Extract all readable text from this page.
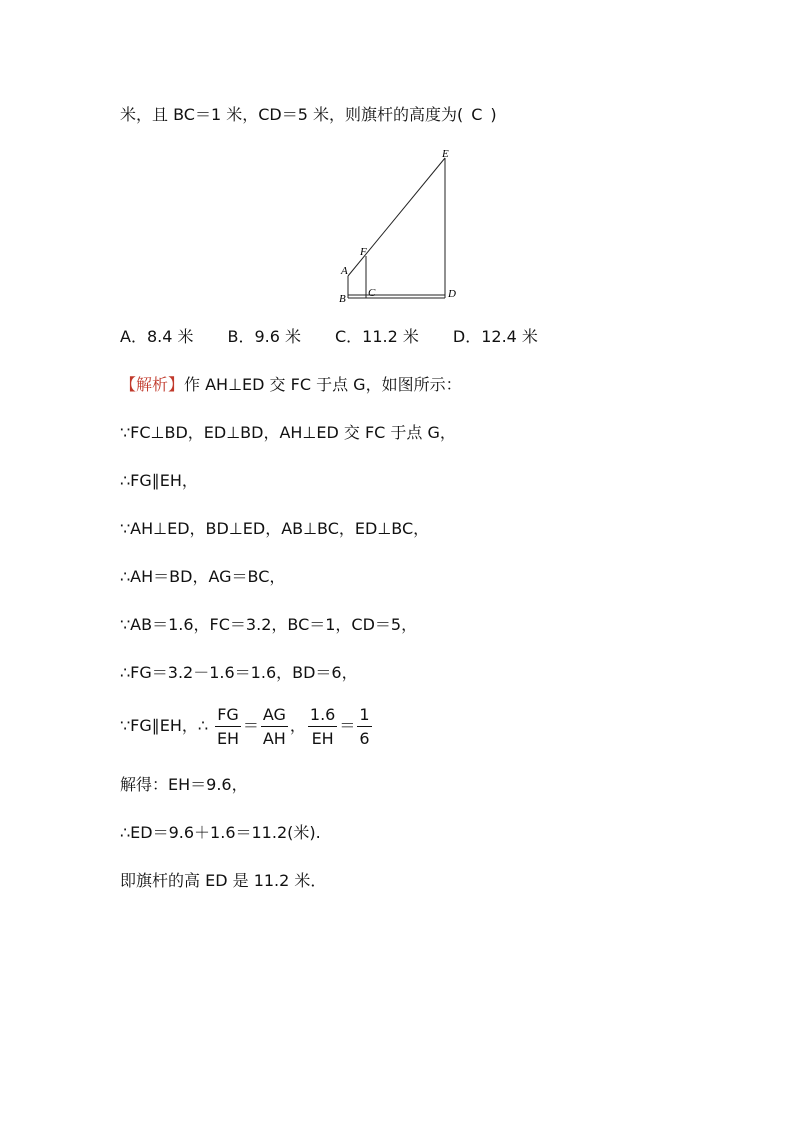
米，且 BC＝1 米，CD＝5 米，则旗杆的高度为( C )
E
F
A
B C	D
A．8.4 米 B．9.6 米 C．11.2 米 D．12.4 米
【解析】作 AH⊥ED 交 FC 于点 G，如图所示：
∵FC⊥BD，ED⊥BD，AH⊥ED 交 FC 于点 G，
∴FG∥EH，
∵AH⊥ED，BD⊥ED，AB⊥BC，ED⊥BC，
∴AH＝BD，AG＝BC，
∵AB＝1.6，FC＝3.2，BC＝1，CD＝5，
∴FG＝3.2－1.6＝1.6，BD＝6，
∵FG∥EH，∴ $\frac{FG}{EH} = \frac{AG}{AH}$ ， $\frac{1.6}{EH} = \frac{1}{6}$
解得：EH＝9.6，
∴ED＝9.6＋1.6＝11.2(米).
即旗杆的高 ED 是 11.2 米．
